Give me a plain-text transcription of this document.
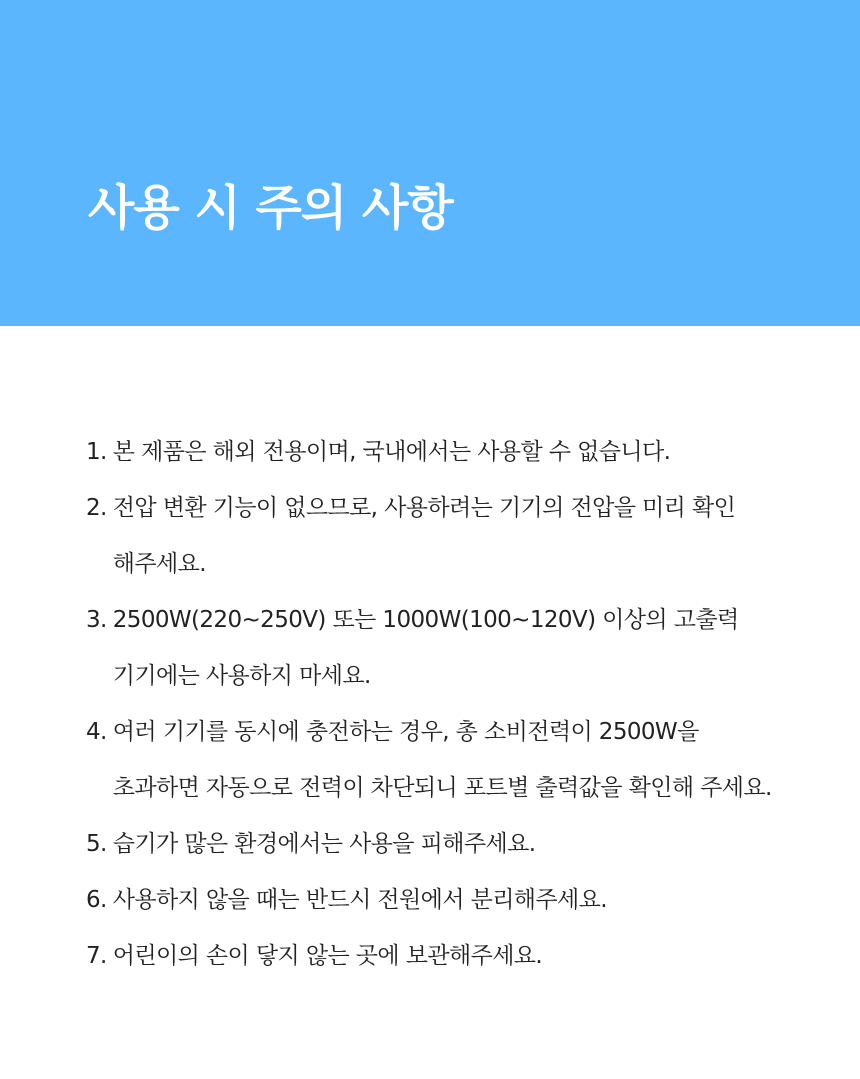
사용 시 주의 사항
1. 본 제품은 해외 전용이며, 국내에서는 사용할 수 없습니다.
2. 전압 변환 기능이 없으므로, 사용하려는 기기의 전압을 미리 확인
해주세요.
3. 2500W(220~250V) 또는 1000W(100~120V) 이상의 고출력
기기에는 사용하지 마세요.
4. 여러 기기를 동시에 충전하는 경우, 총 소비전력이 2500W을
초과하면 자동으로 전력이 차단되니 포트별 출력값을 확인해 주세요.
5. 습기가 많은 환경에서는 사용을 피해주세요.
6. 사용하지 않을 때는 반드시 전원에서 분리해주세요.
7. 어린이의 손이 닿지 않는 곳에 보관해주세요.
